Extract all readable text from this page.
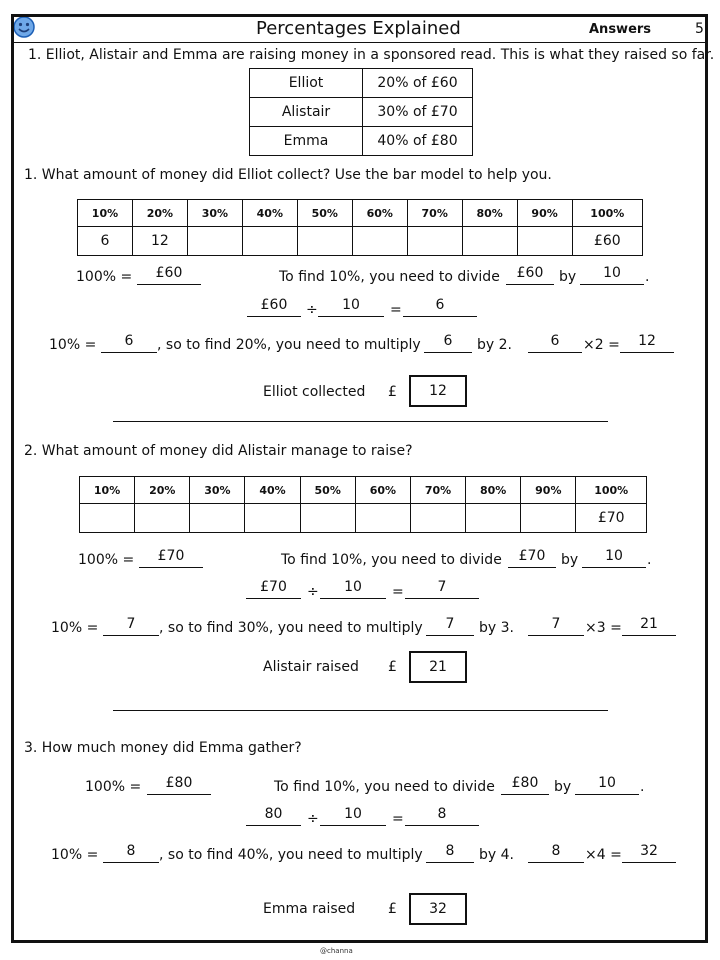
Percentages Explained	Answers	5
1. Elliot, Alistair and Emma are raising money in a sponsored read. This is what they raised so far.
Elliot	20% of £60
Alistair	30% of £70
Emma	40% of £80
1. What amount of money did Elliot collect? Use the bar model to help you.
10%	20%	30%	40%	50%	60%	70%	80%	90%	100%
6	12								£60
100% =	£60	To find 10%, you need to divide	£60	by	10	.
£60	÷	10	=	6
10% =	6	, so to find 20%, you need to multiply	6	by 2.	6	×2 =	12
Elliot collected £	12
2. What amount of money did Alistair manage to raise?
10%	20%	30%	40%	50%	60%	70%	80%	90%	100%
									£70
100% =	£70	To find 10%, you need to divide	£70	by	10	.
£70	÷	10	=	7
10% =	7	, so to find 30%, you need to multiply	7	by 3.	7	×3 =	21
Alistair raised £	21
3. How much money did Emma gather?
100% =	£80	To find 10%, you need to divide	£80	by	10	.
80	÷	10	=	8
10% =	8	, so to find 40%, you need to multiply	8	by 4.	8	×4 =	32
Emma raised £	32
@channa
